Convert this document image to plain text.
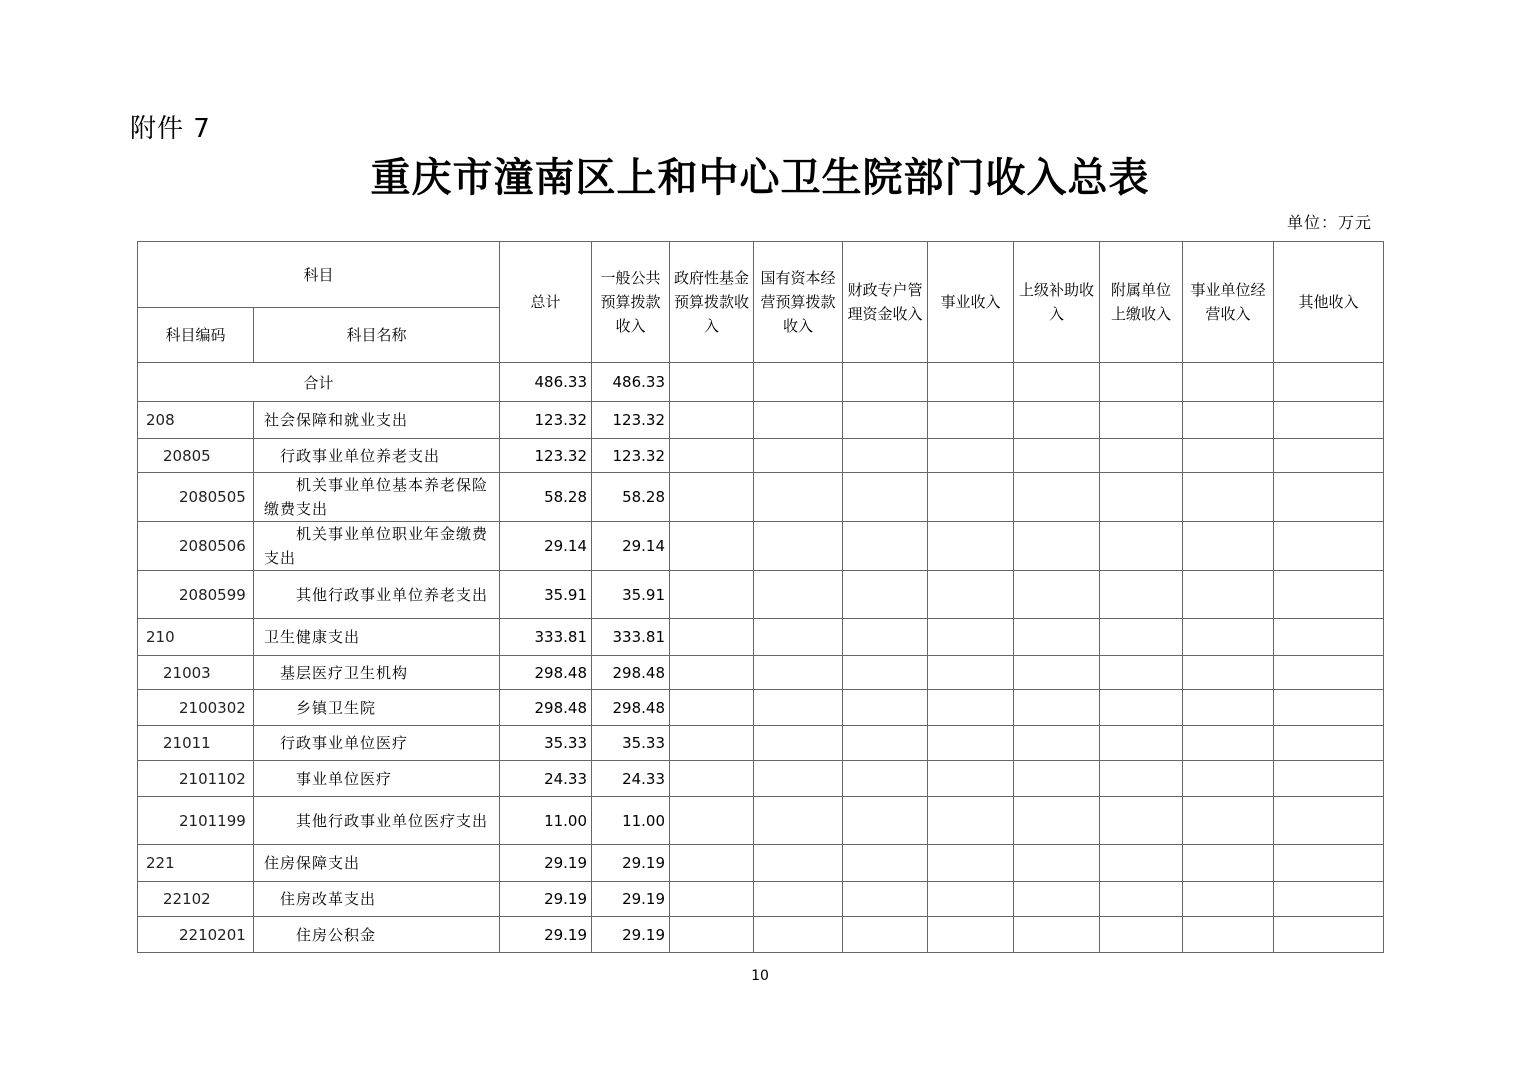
附件 7
重庆市潼南区上和中心卫生院部门收入总表
单位：万元
科目		总计	一般公共预算拨款收入	政府性基金预算拨款收入	国有资本经营预算拨款收入	财政专户管理资金收入	事业收入	上级补助收入	附属单位上缴收入	事业单位经营收入	其他收入
科目编码	科目名称										
合计		486.33	486.33								
208	社会保障和就业支出	123.32	123.32								
20805	行政事业单位养老支出	123.32	123.32								
2080505	机关事业单位基本养老保险缴费支出	58.28	58.28								
2080506	机关事业单位职业年金缴费支出	29.14	29.14								
2080599	其他行政事业单位养老支出	35.91	35.91								
210	卫生健康支出	333.81	333.81								
21003	基层医疗卫生机构	298.48	298.48								
2100302	乡镇卫生院	298.48	298.48								
21011	行政事业单位医疗	35.33	35.33								
2101102	事业单位医疗	24.33	24.33								
2101199	其他行政事业单位医疗支出	11.00	11.00								
221	住房保障支出	29.19	29.19								
22102	住房改革支出	29.19	29.19								
2210201	住房公积金	29.19	29.19								
10
